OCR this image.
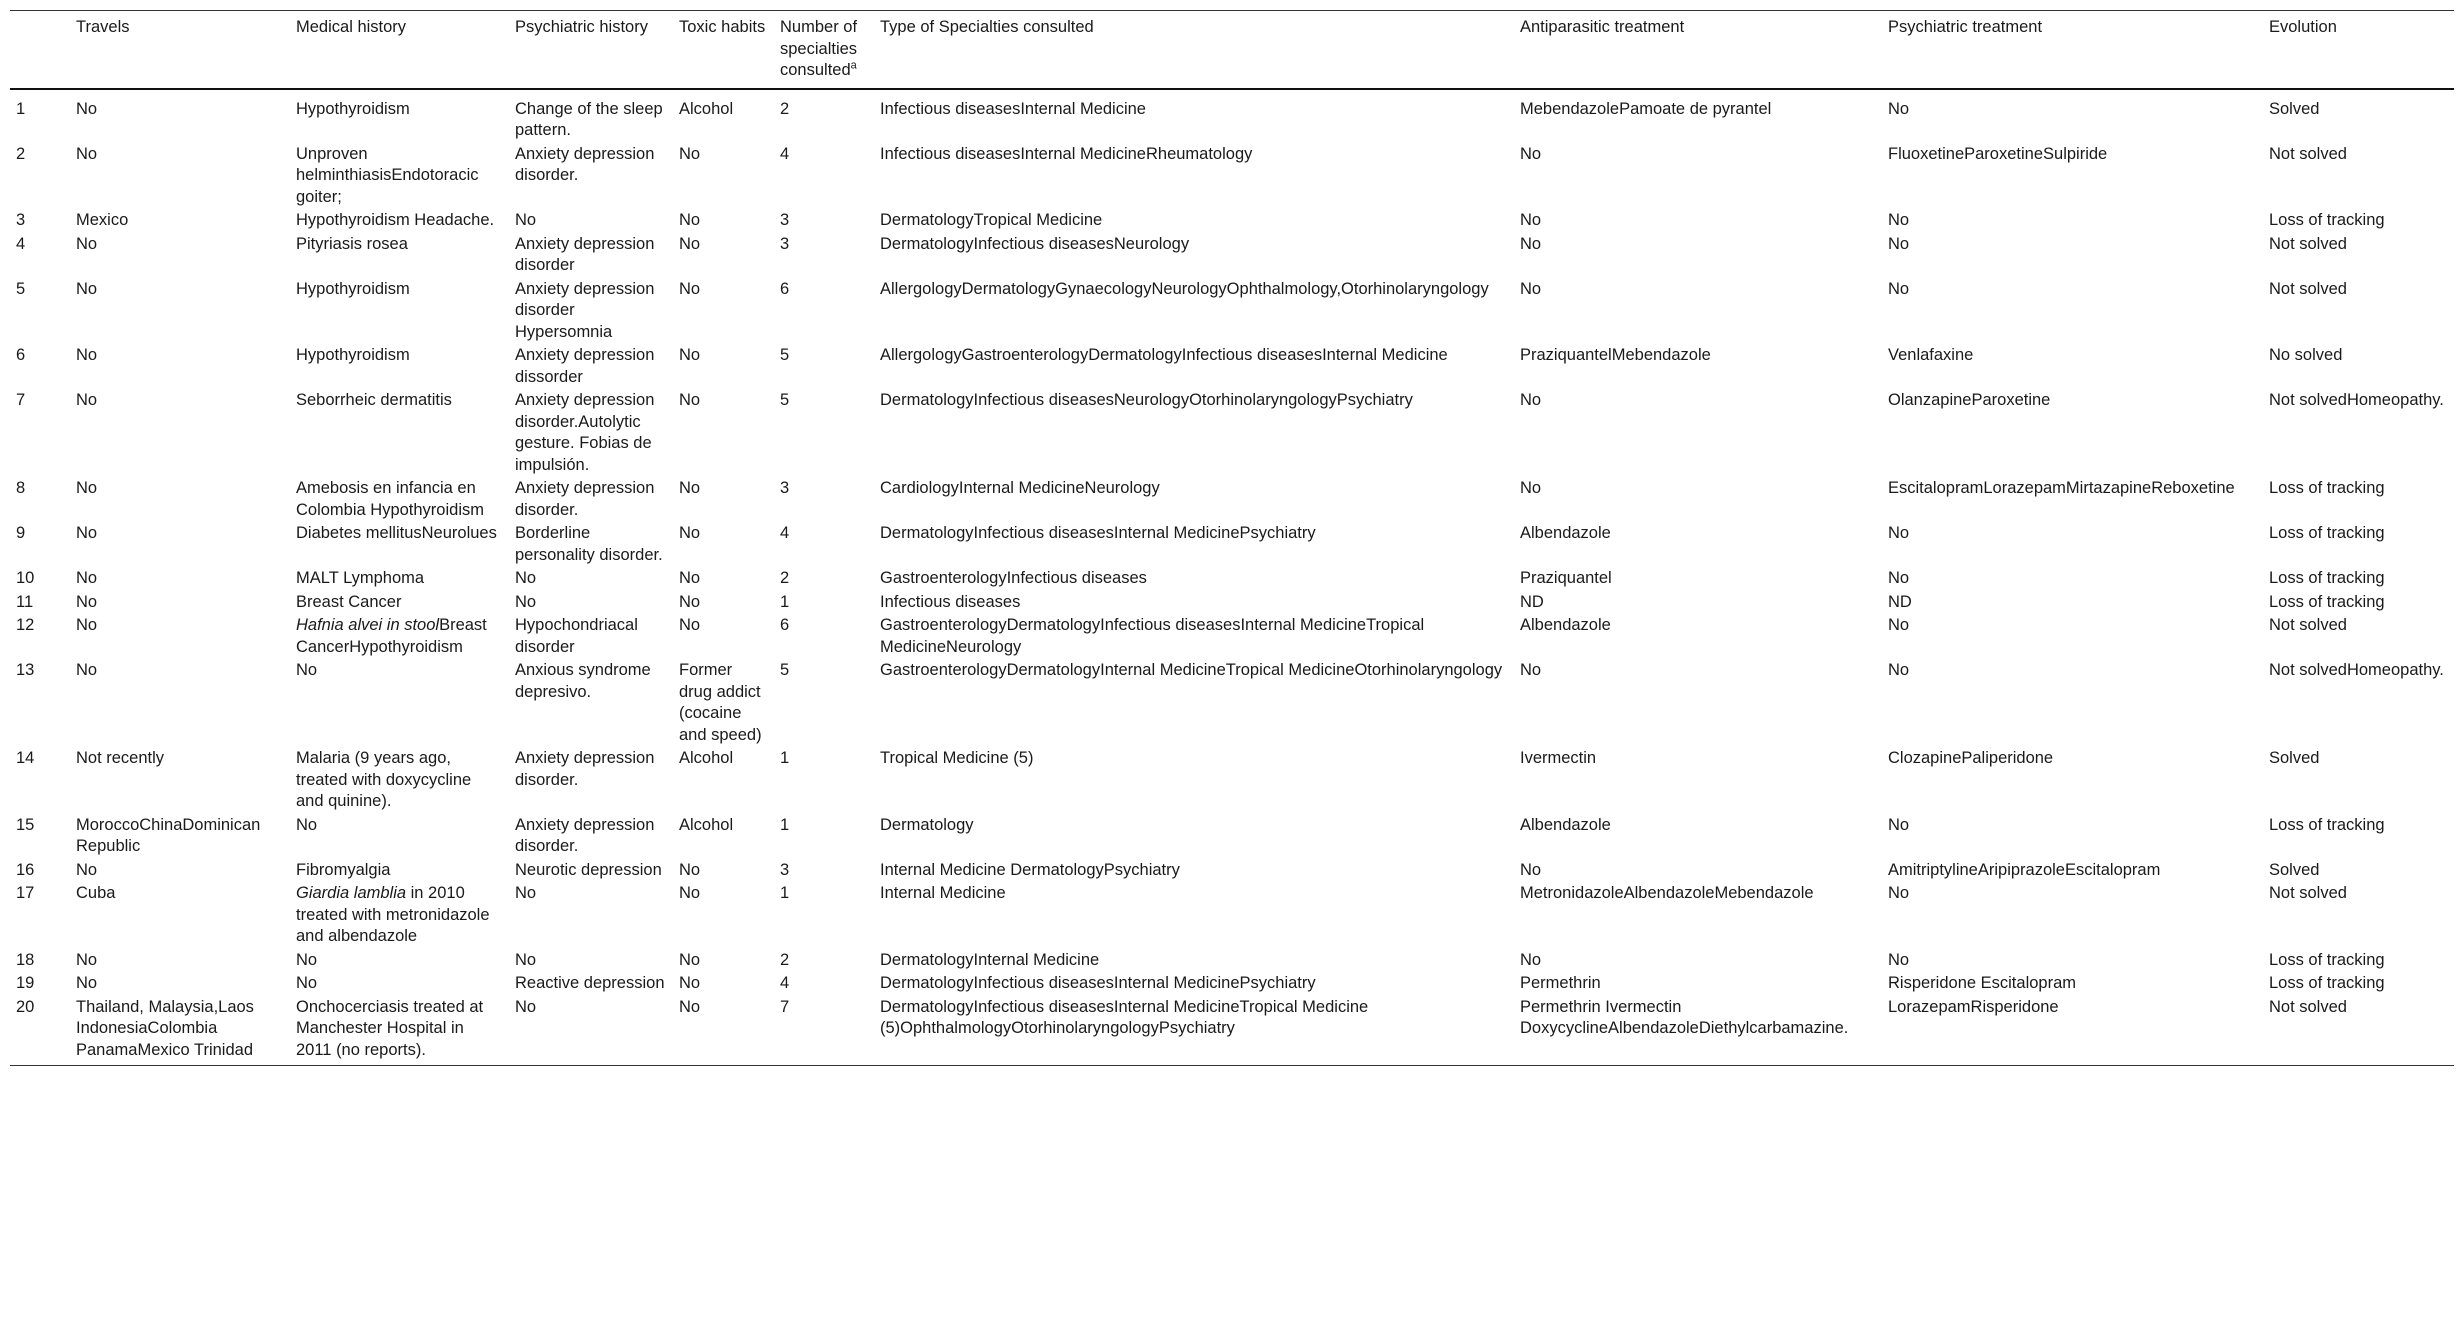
	Travels	Medical history	Psychiatric history	Toxic habits	Number of specialties consulted$^a$	Type of Specialties consulted	Antiparasitic treatment	Psychiatric treatment	Evolution
1	No	Hypothyroidism	Change of the sleep pattern.	Alcohol	2	Infectious diseasesInternal Medicine	MebendazolePamoate de pyrantel	No	Solved
2	No	Unproven helminthiasisEndotoracic goiter;	Anxiety depression disorder.	No	4	Infectious diseasesInternal MedicineRheumatology	No	FluoxetineParoxetineSulpiride	Not solved
3	Mexico	Hypothyroidism Headache.	No	No	3	DermatologyTropical Medicine	No	No	Loss of tracking
4	No	Pityriasis rosea	Anxiety depression disorder	No	3	DermatologyInfectious diseasesNeurology	No	No	Not solved
5	No	Hypothyroidism	Anxiety depression disorder Hypersomnia	No	6	AllergologyDermatologyGynaecologyNeurologyOphthalmology,Otorhinolaryngology	No	No	Not solved
6	No	Hypothyroidism	Anxiety depression dissorder	No	5	AllergologyGastroenterologyDermatologyInfectious diseasesInternal Medicine	PraziquantelMebendazole	Venlafaxine	No solved
7	No	Seborrheic dermatitis	Anxiety depression disorder.Autolytic gesture. Fobias de impulsión.	No	5	DermatologyInfectious diseasesNeurologyOtorhinolaryngologyPsychiatry	No	OlanzapineParoxetine	Not solvedHomeopathy.
8	No	Amebosis en infancia en Colombia Hypothyroidism	Anxiety depression disorder.	No	3	CardiologyInternal MedicineNeurology	No	EscitalopramLorazepamMirtazapineReboxetine	Loss of tracking
9	No	Diabetes mellitusNeurolues	Borderline personality disorder.	No	4	DermatologyInfectious diseasesInternal MedicinePsychiatry	Albendazole	No	Loss of tracking
10	No	MALT Lymphoma	No	No	2	GastroenterologyInfectious diseases	Praziquantel	No	Loss of tracking
11	No	Breast Cancer	No	No	1	Infectious diseases	ND	ND	Loss of tracking
12	No	Hafnia alvei in stoolBreast CancerHypothyroidism	Hypochondriacal disorder	No	6	GastroenterologyDermatologyInfectious diseasesInternal MedicineTropical MedicineNeurology	Albendazole	No	Not solved
13	No	No	Anxious syndrome depresivo.	Former drug addict (cocaine and speed)	5	GastroenterologyDermatologyInternal MedicineTropical MedicineOtorhinolaryngology	No	No	Not solvedHomeopathy.
14	Not recently	Malaria (9 years ago, treated with doxycycline and quinine).	Anxiety depression disorder.	Alcohol	1	Tropical Medicine (5)	Ivermectin	ClozapinePaliperidone	Solved
15	MoroccoChinaDominican Republic	No	Anxiety depression disorder.	Alcohol	1	Dermatology	Albendazole	No	Loss of tracking
16	No	Fibromyalgia	Neurotic depression	No	3	Internal Medicine DermatologyPsychiatry	No	AmitriptylineAripiprazoleEscitalopram	Solved
17	Cuba	Giardia lamblia in 2010 treated with metronidazole and albendazole	No	No	1	Internal Medicine	MetronidazoleAlbendazoleMebendazole	No	Not solved
18	No	No	No	No	2	DermatologyInternal Medicine	No	No	Loss of tracking
19	No	No	Reactive depression	No	4	DermatologyInfectious diseasesInternal MedicinePsychiatry	Permethrin	Risperidone Escitalopram	Loss of tracking
20	Thailand, Malaysia,Laos IndonesiaColombia PanamaMexico Trinidad	Onchocerciasis treated at Manchester Hospital in 2011 (no reports).	No	No	7	DermatologyInfectious diseasesInternal MedicineTropical Medicine (5)OphthalmologyOtorhinolaryngologyPsychiatry	Permethrin Ivermectin DoxycyclineAlbendazoleDiethylcarbamazine.	LorazepamRisperidone	Not solved
